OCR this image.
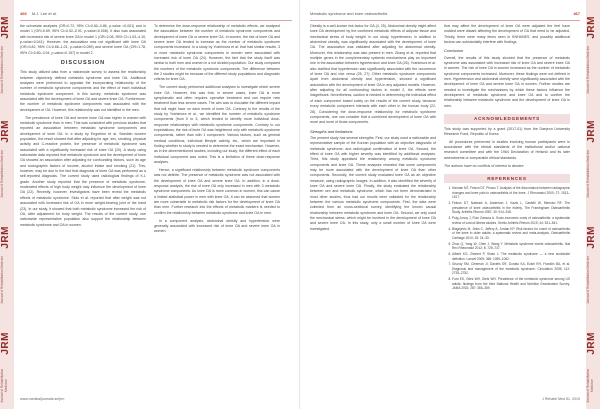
JRM
Journal of Rehabilitation Medicine
JRM
Journal of Rehabilitation Medicine
JRM
Journal of Rehabilitation Medicine
JRM
Journal of Rehabilitation Medicine
466 M.J. Lee et al.

the univariate analyses (OR=0.72, 95% CI=0.60–0.86, p-value <0.001) and in model 1 (OR=0.69, 95% CI=0.52–0.91, p-value=0.008). It also was associated with increased risk of severe knee OA in model 1 (OR=2.08, 95% CI=1.03–4.19, p-value=0.041). However, the association was not significant with knee OA (OR=0.82, 95% CI=0.66–1.01, p-value=0.059) and severe knee OA (OR=1.78, 95% CI=0.80–3.94, p-value=0.157) in model 2.

DISCUSSION

This study utilized data from a nationwide survey to assess the relationship between objectively defined metabolic syndrome and knee OA. Additional analyses were performed to appraise the incorporating relationship of the number of metabolic syndrome components and the effect of each individual metabolic syndrome component. In this survey, metabolic syndrome was associated with the development of knee OA and severe knee OA. Furthermore, the number of metabolic syndrome components was associated with the development of OA. However, this relationship was not identified in the men.

The prevalence of knee OA and severe knee OA was higher in women with metabolic syndrome than in men. This was consistent with previous studies that reported an association between metabolic syndrome components and development of knee OA. In a study by Engström et al. Swedish women population, the result showed that after adjusting for age, sex, smoking, physical activity and C-reactive protein, the presence of metabolic syndrome was associated with a significantly increased risk of knee OA (20). A study using nationwide data reported that metabolic syndrome and the development of knee OA showed an association after adjusting for confounding factors, such as age and sociographic factors of income, alcohol intake and smoking (21). This, however, may be due to the fact that diagnosis of knee OA was performed as a self-reported diagnosis. The current study used radiological findings of K-L grade. Another study reported that the presence of metabolic syndrome, moderated effects of high body weight may influence the development of knee OA (22). Recently, however, investigators have been reveal the metabolic effects of metabolic syndrome. Sluis et al. reported that after weight was not associated with increased risk of OA in more weight-bearing joint of the hand (23). In our study, it showed that both metabolic syndrome increased the risk of OA, after adjustment for body weight. The results of the current study, one nationwide representative population also support the relationship between metabolic syndrome and OA in women.

To determine the dose-response relationship of metabolic effects, we analysed the association between the number of metabolic syndrome components and development of knee OA or severe knee OA. In women, the risk of knee OA and severe knee OA tended to increase as the number of metabolic syndrome components increased. In a study by Yoshimura et al. that had similar results, 3 or more metabolic syndrome components in women were associated with increased risk of knee OA (24). However, the fact that the study itself was similar to both men and women in a not divided population. Our study compared the numbers of the metabolic syndrome components. The difference between the 2 studies might be because of the different study populations and diagnostic criteria for knee OA.

The current study performed additional analyses to investigate which severe knee OA. However, this was that, in severe cases, knee OA is more symptomatic and often requires operative treatment and can require new treatment than less severe cases. The aim was to elucidate the different impact that will might have on each levels of knee OA. Contrary to the results of the study by Yoshimura et al., we identified the number of metabolic syndrome components (from 0 to 5, which tended to identify more individual dose-response relationships with metabolic syndrome components. Contrary to our expectations, the risk of knee OA was heightened only with metabolic syndrome components, rather than with 1 component. Various factors, such as general medical conditions, individual lifestyle activity, etc., which are important in finding whether to study is needed to determine the exact mechanism. However, as in the aforementioned studies, including our study, the different effect of each individual component was noted. This is a limitation of these dose-response analyses.

Hence, a significant relationship between metabolic syndrome components was not definite. The presence of metabolic syndrome was not associated with the development of knee OA and severe knee OA. In addition, in a dose-response analysis, the risk of knee OA only increased in men with 3 metabolic syndrome components. As knee OA is more common in women, this can cause a limited statistical power in men with knee OA, it can be assumed that women are more vulnerable to metabolic risk factors for the development of knee OA than men. Further research into the effects of metabolic markers is needed to confirm the relationship between metabolic syndrome and knee OA in men.

In a component analysis, abdominal obesity and hypertension were generally associated with increased risk of knee OA and severe knee OA in women.

www.medicaljournals.se/jrm
JRM
Journal of Rehabilitation Medicine
JRM
Journal of Rehabilitation Medicine
JRM
Journal of Rehabilitation Medicine
JRM
Journal of Rehabilitation Medicine
Metabolic syndrome and knee osteoarthritis	467

Obesity is a well-known risk factor for OA (4, 25). Abdominal obesity might affect knee OA development by the combined metabolic effects of adipose tissue and mechanical stress of body weight. In our study, hypertension, in addition to abdominal obesity, was significantly associated with the development of knee OA. The association was validated after adjusting for abdominal obesity. Moreover, this relationship was also present in men. Zhang et al. reported that multiple genes in the complementary systemic mechanisms play an important role in the association between hypertension and knee OA (26). Yoshimura et al. also clarified that hypertension was significantly associated with the occurrence of knee OA and vice versa (25, 27). Other metabolic syndrome components apart from abdominal obesity and hypertension, showed a significant association with the development of knee OA in any adjusted models. However, after adjusting for all confounding factors in model 2, the effects were insignificant. Nevertheless, caution is needed in determining the individual effect of each component based solely on the results of the current study, because every metabolic component interacts with each other in the human body (22, 28). Considering the dose-response relationship for metabolic syndrome components, one can consider that a combined development of knee OA with more and more of those components.

Strengths and limitations

The present study has several strengths. First, our study used a nationwide and representative sample of the Korean population with an objective diagnostic of metabolic syndrome, and radiological confirmation of knee OA. Second, the effect of knee OA with higher severity was identified by additional analyses. Third, this study appraised the relationship among metabolic syndrome components and knee OA. These analyses revealed that some components may be more associated with the development of knee OA than other components. Secondly, the current study evaluated knee OA as an objective measure, using radiographic images. In addition, it also identified the severity of knee OA and severe knee OA. Finally, the study evaluated the relationship between sex and metabolic syndrome, which has not been demonstrated in most other studies, thus had our results were validated for the relationship between the various metabolic syndrome components. First, the data were collected from an cross-sectional survey, identifying the known causal relationship between metabolic syndrome and knee OA. Second, we only used the mechanical stress, which might be involved in the development of knee OA and severe knee OA. In this study, only a small number of knee OA were investigated.

that may affect the development of knee OA were adjusted the feet have nodded were distant affecting the development of OA that need to be adjusted. Thirdly, there were many items seen in KNHANES, and possibly additional factors can substantially interfere with findings.

Conclusion

Overall, the results of this study showed that the presence of metabolic syndrome was associated with increased risk of knee OA and severe knee OA in women. The risk of knee OA in women increased as the number of metabolic syndrome components increased. Moreover, these findings were not defined in men. Hypertension and abdominal obesity were significantly associated with the development of knee OA and severe knee OA in women. Further studies are needed to investigate the mechanisms by which these factors influence the development of metabolic syndrome and knee OA and to confirm the relationship between metabolic syndrome and the development of knee OA in men.

ACKNOWLEDGEMENTS

This study was supported by a grant (2017-01) from the Daejeon University Research Fund, Republic of Korea.

All procedures performed in studies involving human participants were in accordance with the ethical standards of the institutional and/or national research committee and with the 1964 Declaration of Helsinki and its later amendments or comparable ethical standards.

The authors have no conflicts of interest to declare.

REFERENCES
1. Hannan MT, Felson DT, Pincus T. Analysis of the discordance between radiographic changes and knee pain in osteoarthritis of the knee. J Rheumatol 2000; 27: 1513–1517.
2. Felson DT, Naimark A, Anderson J, Kazis L, Castelli W, Meenan RF. The prevalence of knee osteoarthritis in the elderly. The Framingham Osteoarthritis Study. Arthritis Rheum 1987; 30: 914–918.
3. Puig-Junoy J, Ruiz Zamora A. Socio-economic costs of osteoarthritis: a systematic review of cost-of-illness studies. Semin Arthritis Rheum 2015; 44: 531–541.
4. Blagojevic M, Jinks C, Jeffery A, Jordan KP. Risk factors for onset of osteoarthritis of the knee in older adults: a systematic review and meta-analysis. Osteoarthritis Cartilage 2010; 18: 24–33.
5. Zhuo Q, Yang W, Chen J, Wang Y. Metabolic syndrome meets osteoarthritis. Nat Rev Rheumatol 2012; 8: 729–737.
6. Alberti KG, Zimmet P, Shaw J. The metabolic syndrome — a new worldwide definition. Lancet 2005; 366: 1059–1062.
7. Grundy SM, Cleeman JI, Daniels SR, Donato KA, Eckel RH, Franklin BA, et al. Diagnosis and management of the metabolic syndrome. Circulation 2005; 112: 2735–2752.
8. Ford ES, Giles WH, Dietz WH. Prevalence of the metabolic syndrome among US adults: findings from the third National Health and Nutrition Examination Survey. JAMA 2002; 287: 356–359.
J Rehabil Med 51, 2019
